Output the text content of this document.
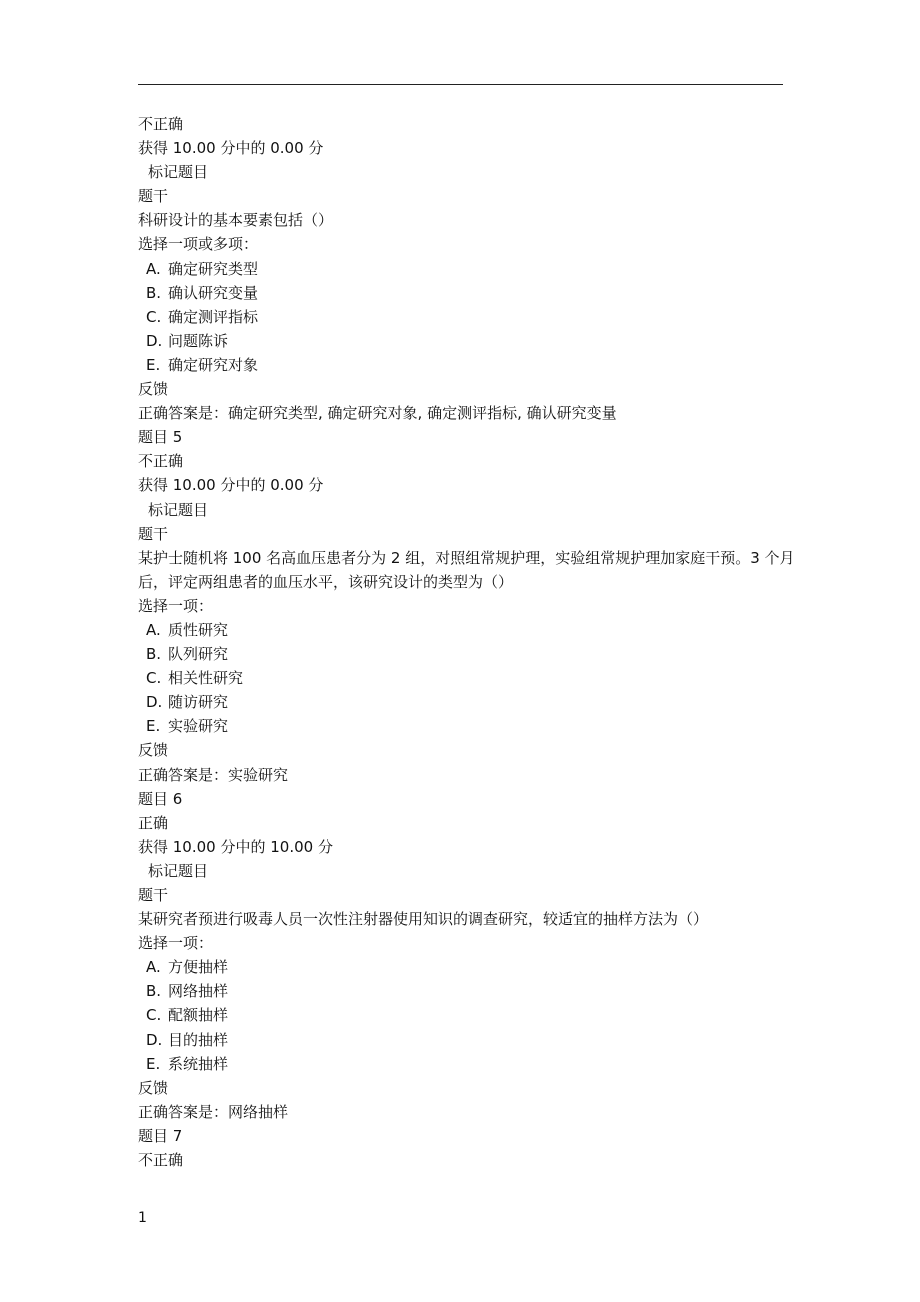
不正确
获得 10.00 分中的 0.00 分
标记题目
题干
科研设计的基本要素包括（）
选择一项或多项：
A. 确定研究类型
B. 确认研究变量
C. 确定测评指标
D. 问题陈诉
E. 确定研究对象
反馈
正确答案是：确定研究类型, 确定研究对象, 确定测评指标, 确认研究变量
题目 5
不正确
获得 10.00 分中的 0.00 分
标记题目
题干
某护士随机将 100 名高血压患者分为 2 组，对照组常规护理，实验组常规护理加家庭干预。3 个月后，评定两组患者的血压水平，该研究设计的类型为（）
选择一项：
A. 质性研究
B. 队列研究
C. 相关性研究
D. 随访研究
E. 实验研究
反馈
正确答案是：实验研究
题目 6
正确
获得 10.00 分中的 10.00 分
标记题目
题干
某研究者预进行吸毒人员一次性注射器使用知识的调查研究，较适宜的抽样方法为（）
选择一项：
A. 方便抽样
B. 网络抽样
C. 配额抽样
D. 目的抽样
E. 系统抽样
反馈
正确答案是：网络抽样
题目 7
不正确
1
